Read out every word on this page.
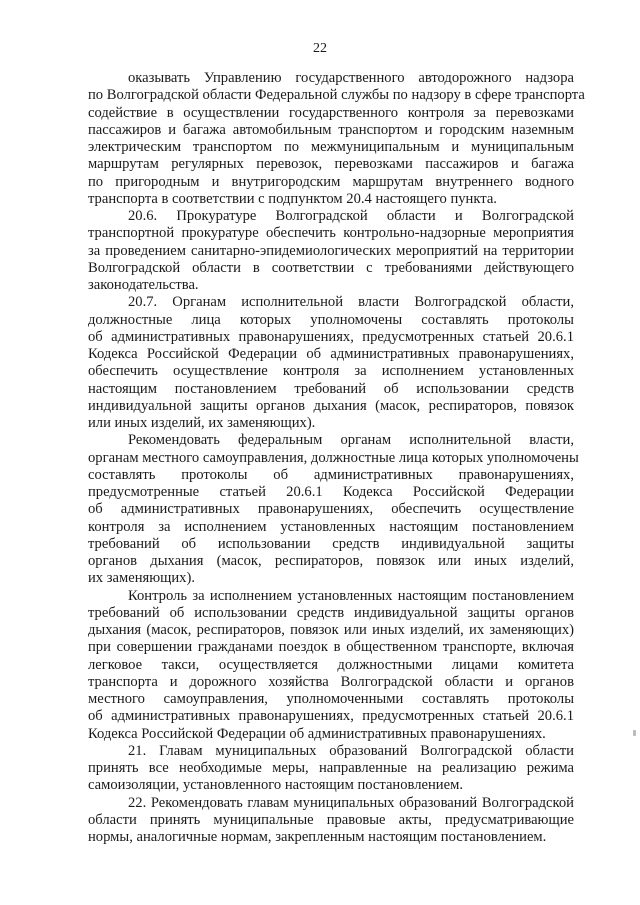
22
оказывать Управлению государственного автодорожного надзора
по Волгоградской области Федеральной службы по надзору в сфере транспорта
содействие в осуществлении государственного контроля за перевозками
пассажиров и багажа автомобильным транспортом и городским наземным
электрическим транспортом по межмуниципальным и муниципальным
маршрутам регулярных перевозок, перевозками пассажиров и багажа
по пригородным и внутригородским маршрутам внутреннего водного
транспорта в соответствии с подпунктом 20.4 настоящего пункта.
20.6. Прокуратуре Волгоградской области и Волгоградской
транспортной прокуратуре обеспечить контрольно-надзорные мероприятия
за проведением санитарно-эпидемиологических мероприятий на территории
Волгоградской области в соответствии с требованиями действующего
законодательства.
20.7. Органам исполнительной власти Волгоградской области,
должностные лица которых уполномочены составлять протоколы
об административных правонарушениях, предусмотренных статьей 20.6.1
Кодекса Российской Федерации об административных правонарушениях,
обеспечить осуществление контроля за исполнением установленных
настоящим постановлением требований об использовании средств
индивидуальной защиты органов дыхания (масок, респираторов, повязок
или иных изделий, их заменяющих).
Рекомендовать федеральным органам исполнительной власти,
органам местного самоуправления, должностные лица которых уполномочены
составлять протоколы об административных правонарушениях,
предусмотренные статьей 20.6.1 Кодекса Российской Федерации
об административных правонарушениях, обеспечить осуществление
контроля за исполнением установленных настоящим постановлением
требований об использовании средств индивидуальной защиты
органов дыхания (масок, респираторов, повязок или иных изделий,
их заменяющих).
Контроль за исполнением установленных настоящим постановлением
требований об использовании средств индивидуальной защиты органов
дыхания (масок, респираторов, повязок или иных изделий, их заменяющих)
при совершении гражданами поездок в общественном транспорте, включая
легковое такси, осуществляется должностными лицами комитета
транспорта и дорожного хозяйства Волгоградской области и органов
местного самоуправления, уполномоченными составлять протоколы
об административных правонарушениях, предусмотренных статьей 20.6.1
Кодекса Российской Федерации об административных правонарушениях.
21. Главам муниципальных образований Волгоградской области
принять все необходимые меры, направленные на реализацию режима
самоизоляции, установленного настоящим постановлением.
22. Рекомендовать главам муниципальных образований Волгоградской
области принять муниципальные правовые акты, предусматривающие
нормы, аналогичные нормам, закрепленным настоящим постановлением.
